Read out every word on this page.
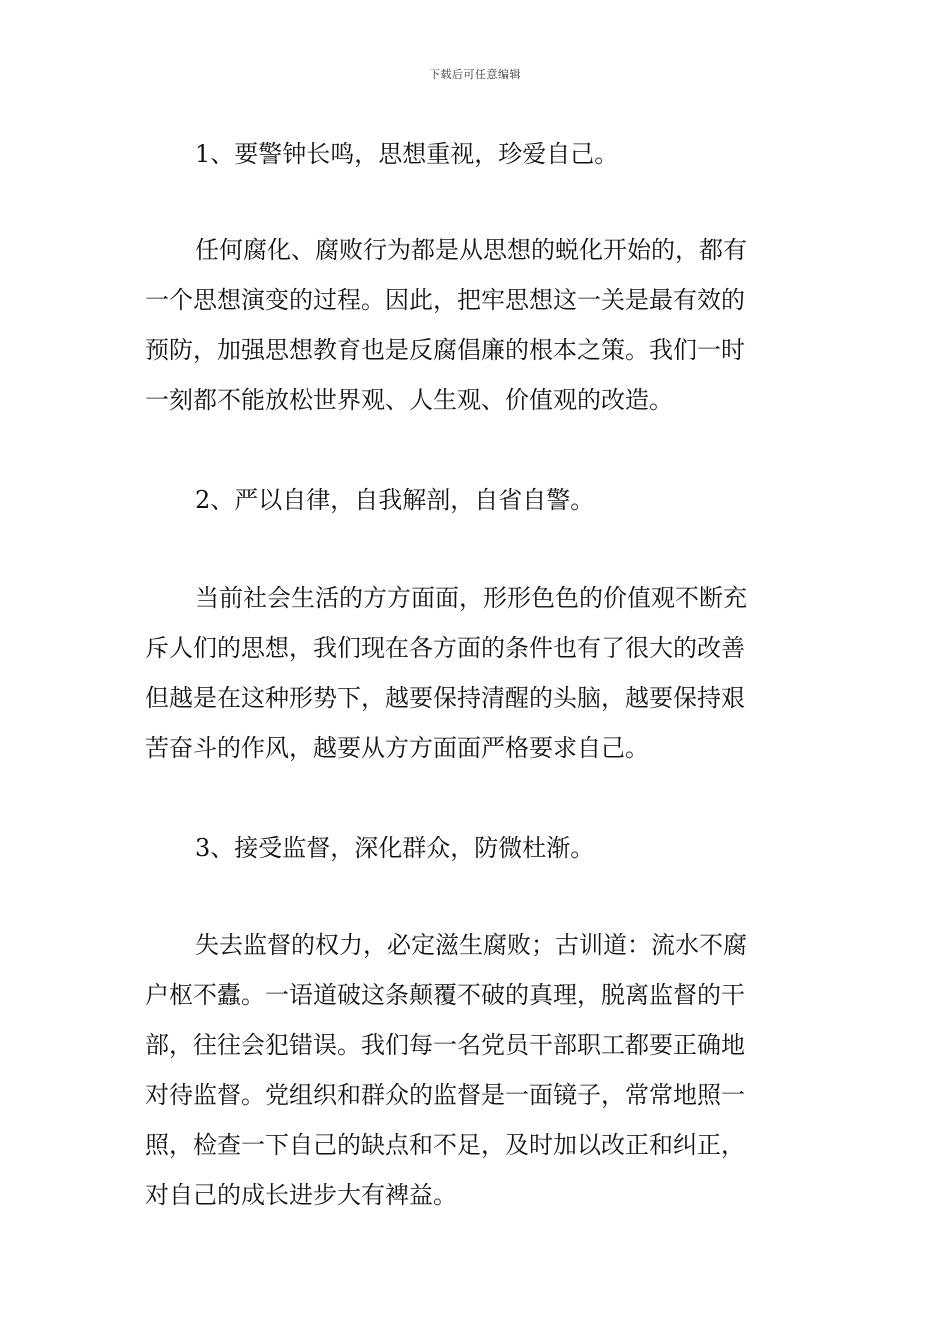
下载后可任意编辑
1、要警钟长鸣，思想重视，珍爱自己。
任何腐化、腐败行为都是从思想的蜕化开始的，都有
一个思想演变的过程。因此，把牢思想这一关是最有效的
预防，加强思想教育也是反腐倡廉的根本之策。我们一时
一刻都不能放松世界观、人生观、价值观的改造。
2、严以自律，自我解剖，自省自警。
当前社会生活的方方面面，形形色色的价值观不断充
斥人们的思想，我们现在各方面的条件也有了很大的改善
但越是在这种形势下，越要保持清醒的头脑，越要保持艰
苦奋斗的作风，越要从方方面面严格要求自己。
3、接受监督，深化群众，防微杜渐。
失去监督的权力，必定滋生腐败；古训道：流水不腐
户枢不蠹。一语道破这条颠覆不破的真理，脱离监督的干
部，往往会犯错误。我们每一名党员干部职工都要正确地
对待监督。党组织和群众的监督是一面镜子，常常地照一
照，检查一下自己的缺点和不足，及时加以改正和纠正，
对自己的成长进步大有裨益。
